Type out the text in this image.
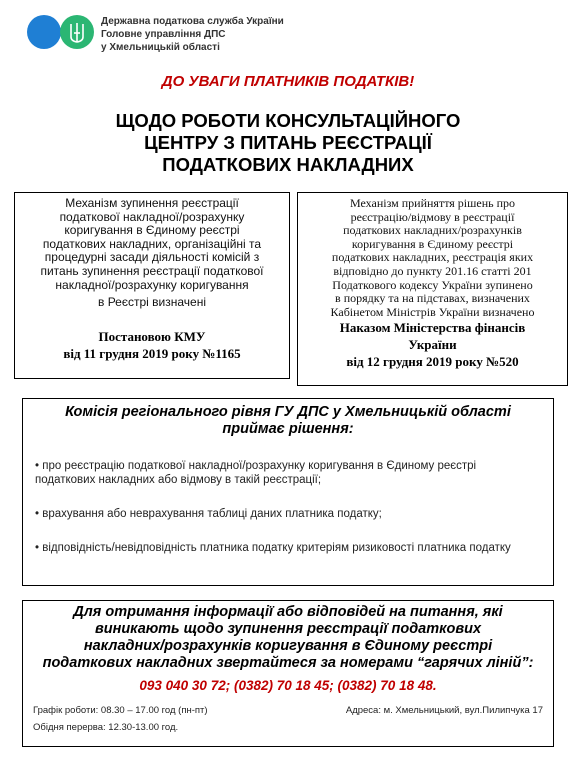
Державна податкова служба України
Головне управління ДПС
у Хмельницькій області
ДО УВАГИ ПЛАТНИКІВ ПОДАТКІВ!
ЩОДО РОБОТИ КОНСУЛЬТАЦІЙНОГО
ЦЕНТРУ З ПИТАНЬ РЕЄСТРАЦІЇ
ПОДАТКОВИХ НАКЛАДНИХ
Механізм зупинення реєстрації
податкової накладної/розрахунку
коригування в Єдиному реєстрі
податкових накладних, організаційні та
процедурні засади діяльності комісій з
питань зупинення реєстрації податкової
накладної/розрахунку коригування
в Реєстрі визначені
Постановою КМУ
від 11 грудня 2019 року №1165
Механізм прийняття рішень про
реєстрацію/відмову в реєстрації
податкових накладних/розрахунків
коригування в Єдиному реєстрі
податкових накладних, реєстрація яких
відповідно до пункту 201.16 статті 201
Податкового кодексу України зупинено
в порядку та на підставах, визначених
Кабінетом Міністрів України визначено
Наказом Міністерства фінансів
України
від 12 грудня 2019 року №520
Комісія регіонального рівня ГУ ДПС у Хмельницькій області
приймає рішення:
• про реєстрацію податкової накладної/розрахунку коригування в Єдиному реєстрі податкових накладних або відмову в такій реєстрації;
• врахування або неврахування таблиці даних платника податку;
• відповідність/невідповідність платника податку критеріям ризиковості платника податку
Для отримання інформації або відповідей на питання, які
виникають щодо зупинення реєстрації податкових
накладних/розрахунків коригування в Єдиному реєстрі
податкових накладних звертайтеся за номерами “гарячих ліній”:
093 040 30 72; (0382) 70 18 45; (0382) 70 18 48.
Графік роботи: 08.30 – 17.00 год (пн-пт)
Обідня перерва: 12.30-13.00 год.
Адреса: м. Хмельницький, вул.Пилипчука 17
